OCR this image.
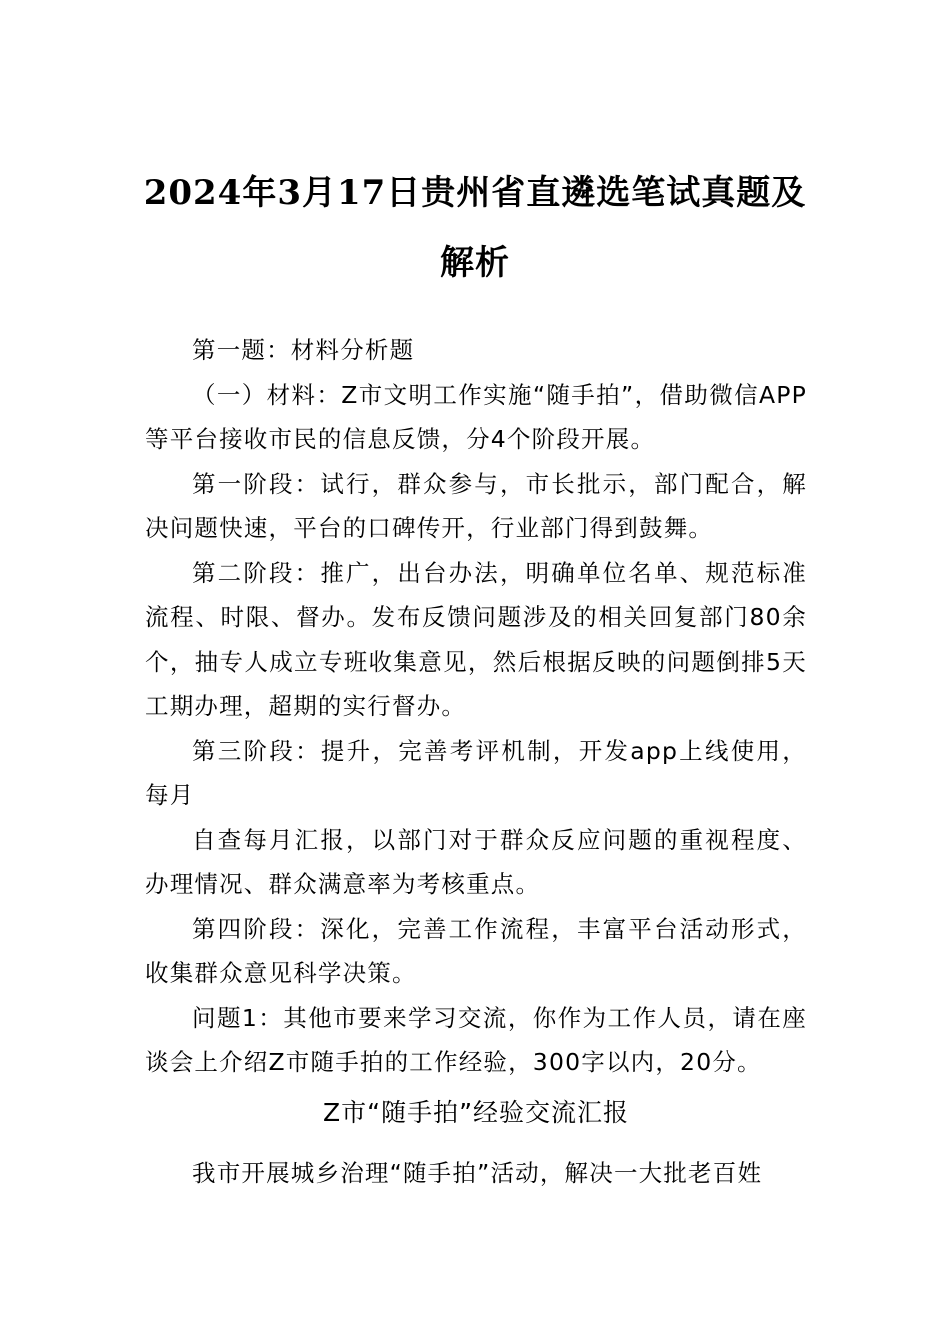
2024年3月17日贵州省直遴选笔试真题及解析

第一题：材料分析题

（一）材料：Z市文明工作实施“随手拍”，借助微信APP等平台接收市民的信息反馈，分4个阶段开展。

第一阶段：试行，群众参与，市长批示，部门配合，解决问题快速，平台的口碑传开，行业部门得到鼓舞。

第二阶段：推广，出台办法，明确单位名单、规范标准流程、时限、督办。发布反馈问题涉及的相关回复部门80余个，抽专人成立专班收集意见，然后根据反映的问题倒排5天工期办理，超期的实行督办。

第三阶段：提升，完善考评机制，开发app上线使用，每月

自查每月汇报，以部门对于群众反应问题的重视程度、办理情况、群众满意率为考核重点。

第四阶段：深化，完善工作流程，丰富平台活动形式，收集群众意见科学决策。

问题1：其他市要来学习交流，你作为工作人员，请在座谈会上介绍Z市随手拍的工作经验，300字以内，20分。

Z市“随手拍”经验交流汇报

我市开展城乡治理“随手拍”活动，解决一大批老百姓
